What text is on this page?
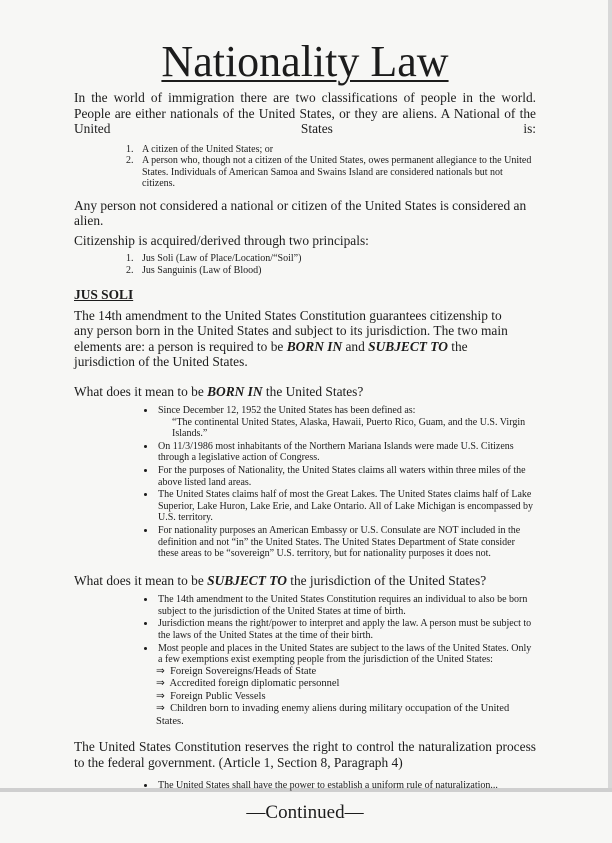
Nationality Law

In the world of immigration there are two classifications of people in the world. People are either nationals of the United States, or they are aliens. A National of the United States is:

1. A citizen of the United States; or
2. A person who, though not a citizen of the United States, owes permanent allegiance to the United States. Individuals of American Samoa and Swains Island are considered nationals but not citizens.

Any person not considered a national or citizen of the United States is considered an alien.

Citizenship is acquired/derived through two principals:

1. Jus Soli (Law of Place/Location/“Soil”)
2. Jus Sanguinis (Law of Blood)

JUS SOLI

The 14th amendment to the United States Constitution guarantees citizenship to any person born in the United States and subject to its jurisdiction. The two main elements are: a person is required to be BORN IN and SUBJECT TO the jurisdiction of the United States.

What does it mean to be BORN IN the United States?

• Since December 12, 1952 the United States has been defined as:
“The continental United States, Alaska, Hawaii, Puerto Rico, Guam, and the U.S. Virgin Islands.”
• On 11/3/1986 most inhabitants of the Northern Mariana Islands were made U.S. Citizens through a legislative action of Congress.
• For the purposes of Nationality, the United States claims all waters within three miles of the above listed land areas.
• The United States claims half of most the Great Lakes. The United States claims half of Lake Superior, Lake Huron, Lake Erie, and Lake Ontario. All of Lake Michigan is encompassed by U.S. territory.
• For nationality purposes an American Embassy or U.S. Consulate are NOT included in the definition and not “in” the United States. The United States Department of State consider these areas to be “sovereign” U.S. territory, but for nationality purposes it does not.

What does it mean to be SUBJECT TO the jurisdiction of the United States?

• The 14th amendment to the United States Constitution requires an individual to also be born subject to the jurisdiction of the United States at time of birth.
• Jurisdiction means the right/power to interpret and apply the law. A person must be subject to the laws of the United States at the time of their birth.
• Most people and places in the United States are subject to the laws of the United States. Only a few exemptions exist exempting people from the jurisdiction of the United States:
⇒  Foreign Sovereigns/Heads of State
⇒  Accredited foreign diplomatic personnel
⇒  Foreign Public Vessels
⇒  Children born to invading enemy aliens during military occupation of the United States.

The United States Constitution reserves the right to control the naturalization process to the federal government. (Article 1, Section 8, Paragraph 4)

• The United States shall have the power to establish a uniform rule of naturalization...

—Continued—
